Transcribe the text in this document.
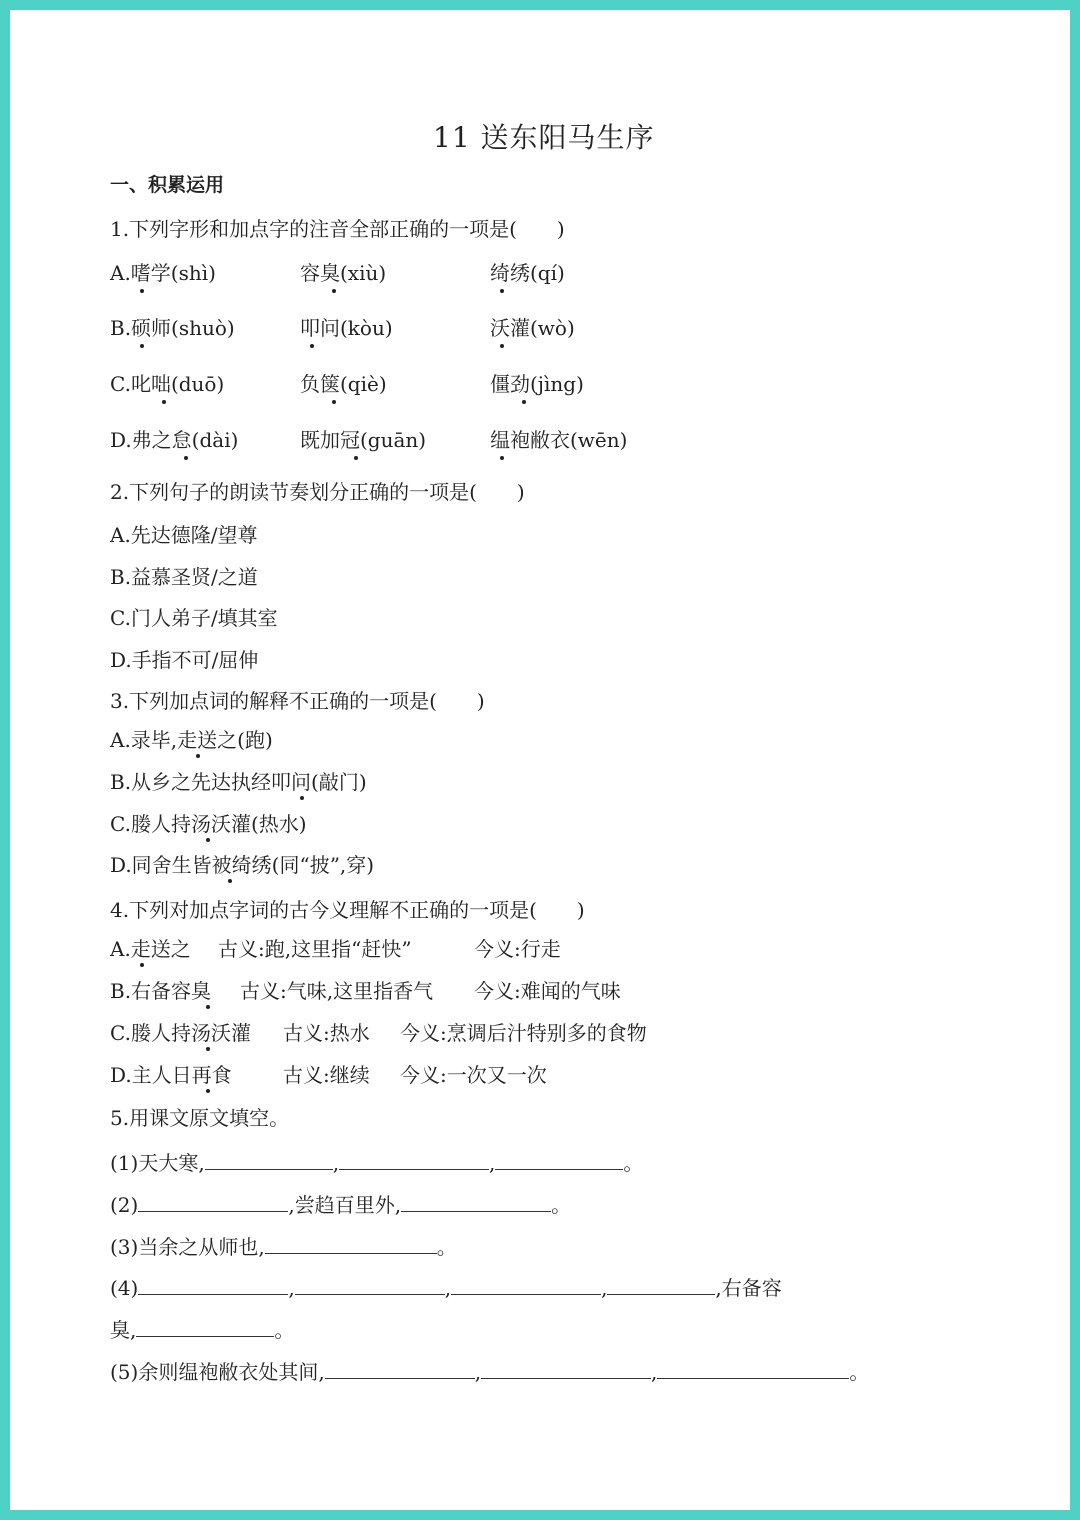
11 送东阳马生序
一、积累运用
1.下列字形和加点字的注音全部正确的一项是(　　)
A.嗜学(shì)	容臭(xiù)	绮绣(qí)
B.硕师(shuò)	叩问(kòu)	沃灌(wò)
C.叱咄(duō)	负箧(qiè)	僵劲(jìng)
D.弗之怠(dài)	既加冠(guān)	缊袍敝衣(wēn)
2.下列句子的朗读节奏划分正确的一项是(　　)
A.先达德隆/望尊
B.益慕圣贤/之道
C.门人弟子/填其室
D.手指不可/屈伸
3.下列加点词的解释不正确的一项是(　　)
A.录毕,走送之(跑)
B.从乡之先达执经叩问(敲门)
C.媵人持汤沃灌(热水)
D.同舍生皆被绮绣(同“披”,穿)
4.下列对加点字词的古今义理解不正确的一项是(　　)
A.走送之 古义:跑,这里指“赶快”	今义:行走
B.右备容臭 古义:气味,这里指香气 今义:难闻的气味
C.媵人持汤沃灌 古义:热水 今义:烹调后汁特别多的食物
D.主人日再食	古义:继续 今义:一次又一次
5.用课文原文填空。
(1)天大寒,	,	,	。
(2)	,尝趋百里外,	。
(3)当余之从师也,	。
(4)	,	,	,	,右备容
臭,	。
(5)余则缊袍敝衣处其间,	,	,	。
